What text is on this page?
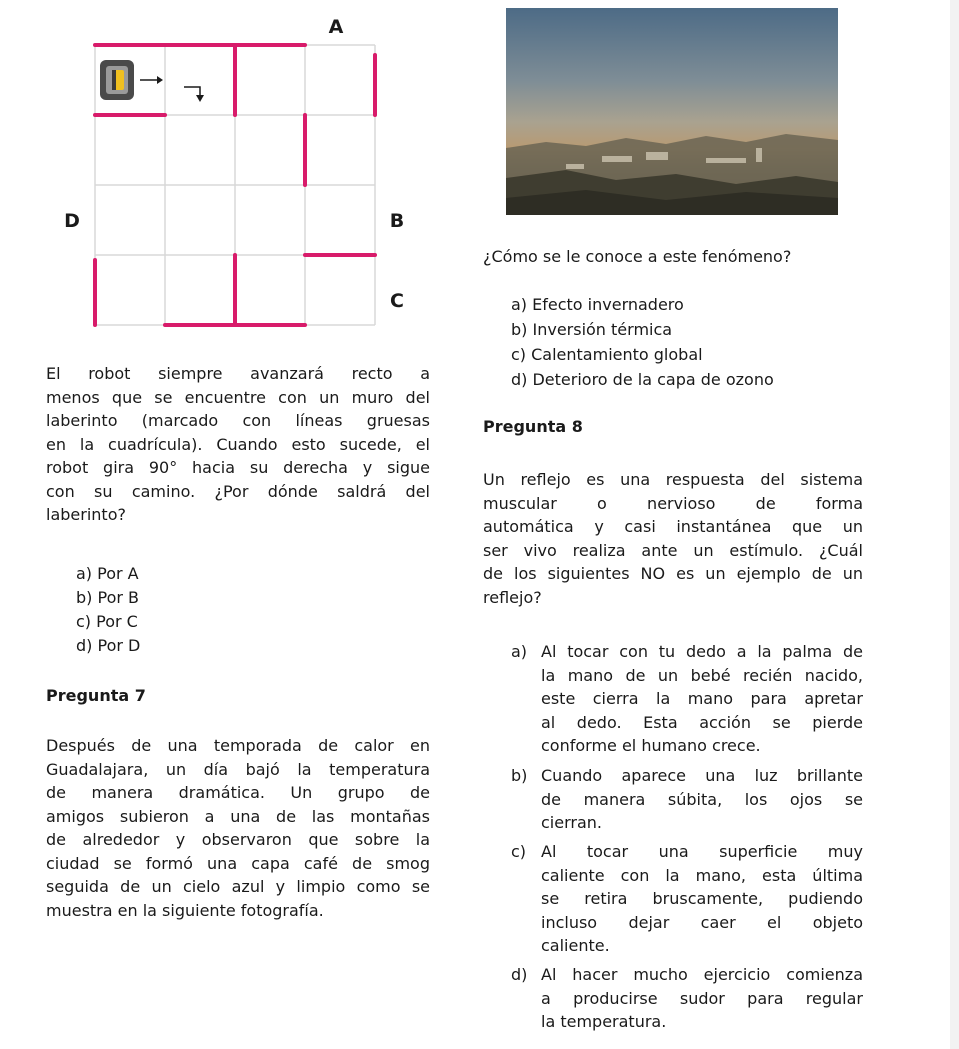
A
B
C
D
El robot siempre avanzará recto a
menos que se encuentre con un muro del
laberinto (marcado con líneas gruesas
en la cuadrícula). Cuando esto sucede, el
robot gira 90° hacia su derecha y sigue
con su camino. ¿Por dónde saldrá del
laberinto?
a) Por A
b) Por B
c) Por C
d) Por D
Pregunta 7
Después de una temporada de calor en
Guadalajara, un día bajó la temperatura
de manera dramática. Un grupo de
amigos subieron a una de las montañas
de alrededor y observaron que sobre la
ciudad se formó una capa café de smog
seguida de un cielo azul y limpio como se
muestra en la siguiente fotografía.
¿Cómo se le conoce a este fenómeno?
a) Efecto invernadero
b) Inversión térmica
c) Calentamiento global
d) Deterioro de la capa de ozono
Pregunta 8
Un reflejo es una respuesta del sistema
muscular o nervioso de forma
automática y casi instantánea que un
ser vivo realiza ante un estímulo. ¿Cuál
de los siguientes NO es un ejemplo de un
reflejo?
a) Al tocar con tu dedo a la palma de
la mano de un bebé recién nacido,
este cierra la mano para apretar
al dedo. Esta acción se pierde
conforme el humano crece.
b) Cuando aparece una luz brillante
de manera súbita, los ojos se
cierran.
c) Al tocar una superficie muy
caliente con la mano, esta última
se retira bruscamente, pudiendo
incluso dejar caer el objeto
caliente.
d) Al hacer mucho ejercicio comienza
a producirse sudor para regular
la temperatura.
